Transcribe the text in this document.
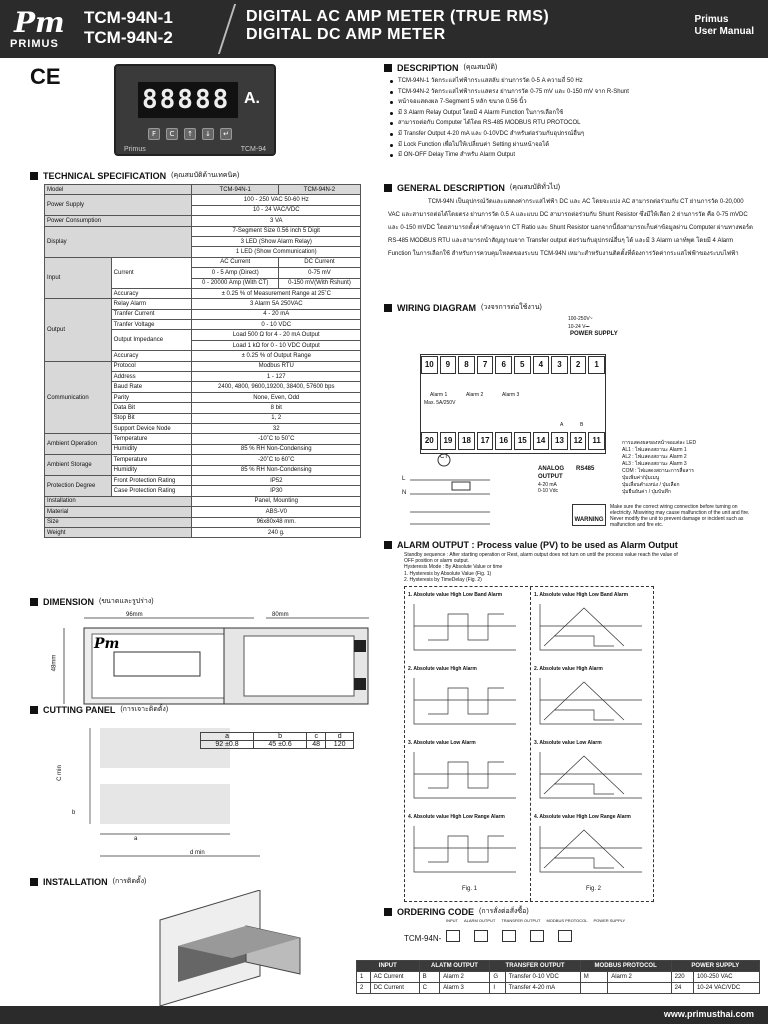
Pm
PRIMUS
TCM-94N-1
TCM-94N-2
DIGITAL AC AMP METER (TRUE RMS)
DIGITAL DC AMP METER
Primus
User Manual
CE
88888 A.
F	C	↑	↓	↵
Primus	TCM-94
TECHNICAL SPECIFICATION (คุณสมบัติด้านเทคนิค)
Model		TCM-94N-1	TCM-94N-2
Power Supply		100 - 250 VAC 50-60 Hz	
		10 - 24 VAC/VDC	
Power Consumption		3 VA	
Display		7-Segment Size 0.56 inch 5 Digit	
		3 LED (Show Alarm Relay)	
		1 LED (Show Communication)	
Input	Current	AC Current	DC Current
		0 - 5 Amp (Direct)	0-75 mV
		0 - 20000 Amp (With CT)	0-150 mV(With Rshunt)
	Accuracy	± 0.25 % of Measurement Range at 25˚C	
Output	Relay Alarm	3 Alarm 5A 250VAC	
	Tranfer Current	4 - 20 mA	
	Tranfer Voltage	0 - 10 VDC	
	Output Impedance	Load 500 Ω for 4 - 20 mA Output	
		Load 1 kΩ for 0 - 10 VDC Output	
	Accuracy	± 0.25 % of Output Range	
Communication	Protocol	Modbus RTU	
	Address	1 - 127	
	Baud Rate	2400, 4800, 9600,19200, 38400, 57600 bps	
	Parity	None, Even, Odd	
	Data Bit	8 bit	
	Stop Bit	1, 2	
	Support Device Node	32	
Ambient Operation	Temperature	-10˚C to 50˚C	
	Humidity	85 % RH Non-Condensing	
Ambient Storage	Temperature	-20˚C to 60˚C	
	Humidity	85 % RH Non-Condensing	
Protection Degree	Front Protection Rating	IP52	
	Case Protection Rating	IP30	
Installation		Panel, Mounting	
Material		ABS-V0	
Size		96x80x48 mm.	
Weight		240 g.	
DIMENSION (ขนาดและรูปร่าง)
Pm
96mm	80mm
48mm
CUTTING PANEL (การเจาะติดตั้ง)
C min
b
a
d min
a	b	c	d
92 ±0.8	45 ±0.6	48	120
INSTALLATION (การติดตั้ง)
DESCRIPTION (คุณสมบัติ)
TCM-94N-1 วัดกระแสไฟฟ้ากระแสสลับ ย่านการวัด 0-5 A ความถี่ 50 Hz
TCM-94N-2 วัดกระแสไฟฟ้ากระแสตรง ย่านการวัด 0-75 mV และ 0-150 mV จาก R-Shunt
หน้าจอแสดงผล 7-Segment 5 หลัก ขนาด 0.56 นิ้ว
มี 3 Alarm Relay Output โดยมี 4 Alarm Function ในการเลือกใช้
สามารถต่อกับ Computer ได้โดย RS-485 MODBUS RTU PROTOCOL
มี Transfer Output 4-20 mA และ 0-10VDC สำหรับต่อร่วมกับอุปกรณ์อื่นๆ
มี Lock Function เพื่อไม่ให้เปลี่ยนค่า Setting ผ่านหน้าจอได้
มี ON-OFF Delay Time สำหรับ Alarm Output
GENERAL DESCRIPTION (คุณสมบัติทั่วไป)

TCM-94N เป็นอุปกรณ์วัดและแสดงค่ากระแสไฟฟ้า DC และ AC โดยจะแบ่ง AC สามารถต่อร่วมกับ CT ย่านการวัด 0-20,000 VAC และสามารถต่อได้โดยตรง ย่านการวัด 0.5 A และแบบ DC สามารถต่อร่วมกับ Shunt Resistor ซึ่งมีให้เลือก 2 ย่านการวัด คือ 0-75 mVDC และ 0-150 mVDC โดยสามารถตั้งค่าตัวคูณจาก CT Ratio และ Shunt Resistor นอกจากนี้ยังสามารถเก็บค่าข้อมูลผ่าน Computer ผ่านทางพอร์ต RS-485 MODBUS RTU และสามารถนำสัญญาณจาก Transfer output ต่อร่วมกับอุปกรณ์อื่นๆ ได้ และมี 3 Alarm เอาท์พุต โดยมี 4 Alarm Function ในการเลือกใช้ สำหรับการควบคุมโหลดของระบบ TCM-94N เหมาะสำหรับงานติดตั้งที่ต้องการวัดค่ากระแสไฟฟ้าของระบบไฟฟ้า

WIRING DIAGRAM (วงจรการต่อใช้งาน)
100-250V~
10-24 V⎓
POWER SUPPLY
10	9	8	7	6	5	4	3	2	1
20	19	18	17	16	15	14	13	12	11
Alarm 1	Alarm 2	Alarm 3
Max. 5A/250V
A	B
CT
L
N
ANALOG
OUTPUT
4-20 mA
0-10 Vdc
RS485
การแสดงผลของหน้าจอแต่ละ LED
AL1 : ไฟแสดงสถานะ Alarm 1
AL2 : ไฟแสดงสถานะ Alarm 2
AL3 : ไฟแสดงสถานะ Alarm 3
COM : ไฟแสดงสถานะการสื่อสาร
ปุ่มเพิ่มค่า/ปุ่มเมนู
ปุ่มเลื่อนตำแหน่ง / ปุ่มเลือก
ปุ่มยืนยันค่า / ปุ่มบันทึก
WARNING
Make sure the correct wiring connection before turning on electricity. Miswiring may cause malfunction of the unit and fire. Never modify the unit to prevent damage or incident such as malfunction and fire etc.
ALARM OUTPUT : Process value (PV) to be used as Alarm Output
Standby sequence : After starting operation or Rest, alarm output does not turn on until the process value reach the value of
OFF position or alarm output.
Hysteresis Mode : By Absolute Value or time
1. Hysteresis by Absolute Value (Fig. 1)
2. Hysteresis by TimeDelay (Fig. 2)
1. Absolute value High Low Band Alarm
2. Absolute value High Alarm
3. Absolute value Low Alarm
4. Absolute value High Low Range Alarm
1. Absolute value High Low Band Alarm
2. Absolute value High Alarm
3. Absolute value Low Alarm
4. Absolute value High Low Range Alarm
Fig. 1	Fig. 2
ORDERING CODE (การสั่งต่อสั่งซื้อ)
TCM-94N-
INPUT ALARM OUTPUT TRANSFER OUTPUT MODBUS PROTOCOL POWER SUPPLY
INPUT		ALATM OUTPUT		TRANSFER OUTPUT		MODBUS PROTOCOL		POWER SUPPLY	
1	AC Current	B	Alarm 2	G	Transfer 0-10 VDC	M	Alarm 2	220	100-250 VAC
2	DC Current	C	Alarm 3	I	Transfer 4-20 mA			24	10-24 VAC/VDC
www.primusthai.com
